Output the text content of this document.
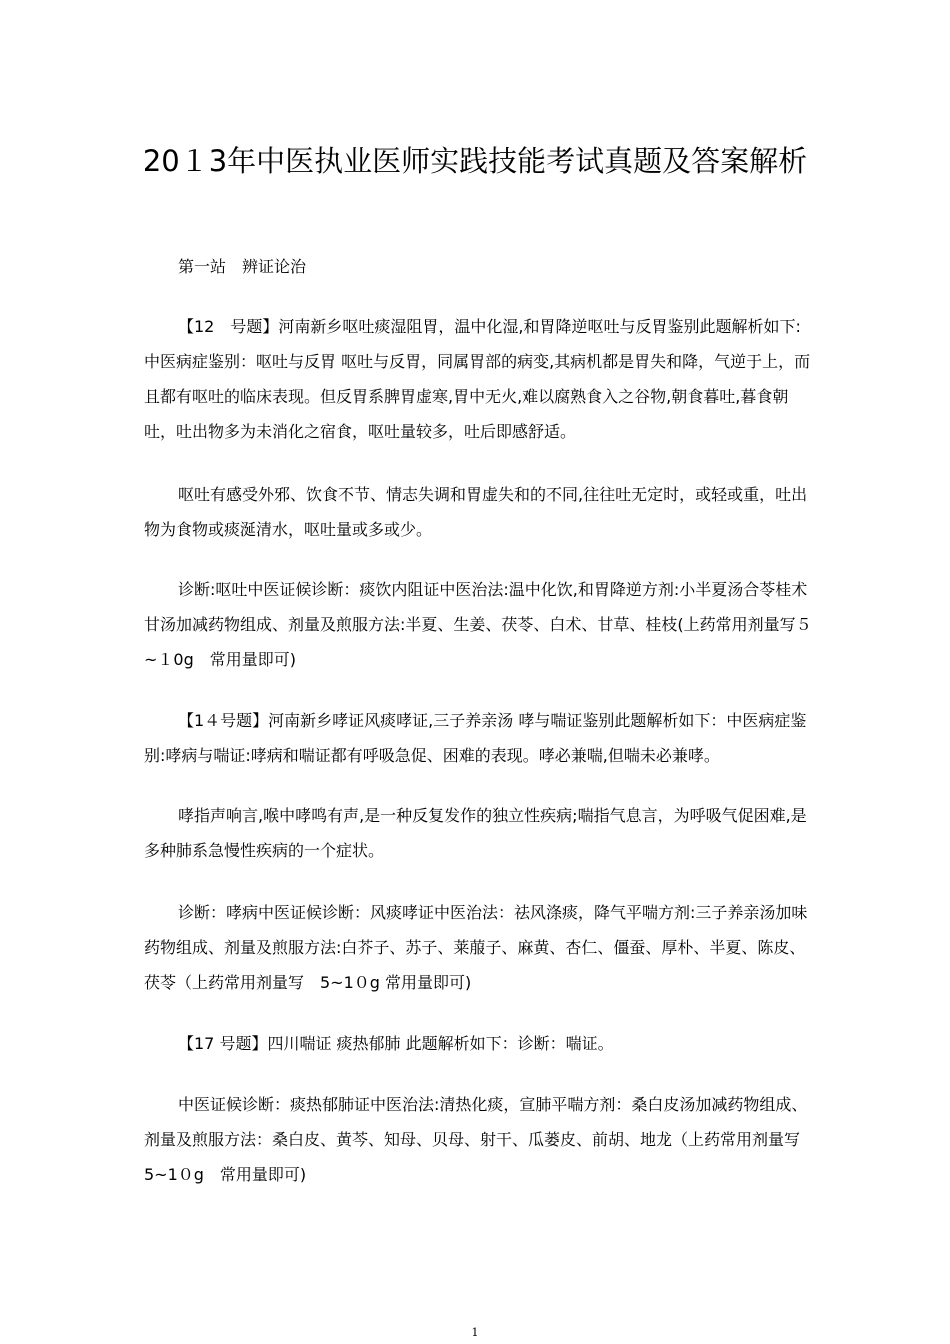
20１3年中医执业医师实践技能考试真题及答案解析

第一站　辨证论治

【12　号题】河南新乡呕吐痰湿阻胃，温中化湿,和胃降逆呕吐与反胃鉴别此题解析如下:中医病症鉴别：呕吐与反胃 呕吐与反胃，同属胃部的病变,其病机都是胃失和降，气逆于上，而且都有呕吐的临床表现。但反胃系脾胃虚寒,胃中无火,难以腐熟食入之谷物,朝食暮吐,暮食朝吐，吐出物多为未消化之宿食，呕吐量较多，吐后即感舒适。

呕吐有感受外邪、饮食不节、情志失调和胃虚失和的不同,往往吐无定时，或轻或重，吐出物为食物或痰涎清水，呕吐量或多或少。

诊断:呕吐中医证候诊断：痰饮内阻证中医治法:温中化饮,和胃降逆方剂:小半夏汤合苓桂术甘汤加减药物组成、剂量及煎服方法:半夏、生姜、茯苓、白术、甘草、桂枝(上药常用剂量写５~１0g　常用量即可)

【1４号题】河南新乡哮证风痰哮证,三子养亲汤 哮与喘证鉴别此题解析如下：中医病症鉴别:哮病与喘证:哮病和喘证都有呼吸急促、困难的表现。哮必兼喘,但喘未必兼哮。

哮指声响言,喉中哮鸣有声,是一种反复发作的独立性疾病;喘指气息言，为呼吸气促困难,是多种肺系急慢性疾病的一个症状。

诊断：哮病中医证候诊断：风痰哮证中医治法：祛风涤痰，降气平喘方剂:三子养亲汤加味药物组成、剂量及煎服方法:白芥子、苏子、莱菔子、麻黄、杏仁、僵蚕、厚朴、半夏、陈皮、茯苓（上药常用剂量写　5~1０g 常用量即可)

【17 号题】四川喘证 痰热郁肺 此题解析如下：诊断：喘证。

中医证候诊断：痰热郁肺证中医治法:清热化痰，宣肺平喘方剂：桑白皮汤加减药物组成、剂量及煎服方法：桑白皮、黄芩、知母、贝母、射干、瓜蒌皮、前胡、地龙（上药常用剂量写　5~1０g　常用量即可)

1
